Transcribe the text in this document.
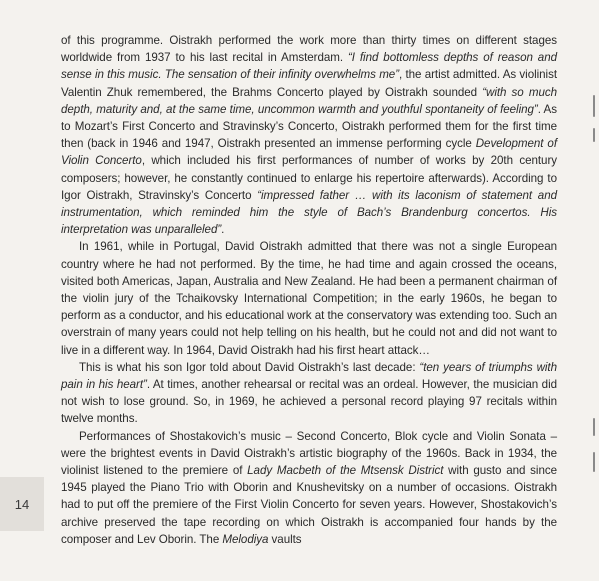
of this programme. Oistrakh performed the work more than thirty times on different stages worldwide from 1937 to his last recital in Amsterdam. “I find bottomless depths of reason and sense in this music. The sensation of their infinity overwhelms me”, the artist admitted. As violinist Valentin Zhuk remembered, the Brahms Concerto played by Oistrakh sounded “with so much depth, maturity and, at the same time, uncommon warmth and youthful spontaneity of feeling”. As to Mozart’s First Concerto and Stravinsky’s Concerto, Oistrakh performed them for the first time then (back in 1946 and 1947, Oistrakh presented an immense performing cycle Development of Violin Concerto, which included his first performances of number of works by 20th century composers; however, he constantly continued to enlarge his repertoire afterwards). According to Igor Oistrakh, Stravinsky’s Concerto “impressed father … with its laconism of statement and instrumentation, which reminded him the style of Bach’s Brandenburg concertos. His interpretation was unparalleled”.

In 1961, while in Portugal, David Oistrakh admitted that there was not a single European country where he had not performed. By the time, he had time and again crossed the oceans, visited both Americas, Japan, Australia and New Zealand. He had been a permanent chairman of the violin jury of the Tchaikovsky International Competition; in the early 1960s, he began to perform as a conductor, and his educational work at the conservatory was extending too. Such an overstrain of many years could not help telling on his health, but he could not and did not want to live in a different way. In 1964, David Oistrakh had his first heart attack…

This is what his son Igor told about David Oistrakh’s last decade: “ten years of triumphs with pain in his heart”. At times, another rehearsal or recital was an ordeal. However, the musician did not wish to lose ground. So, in 1969, he achieved a personal record playing 97 recitals within twelve months.

Performances of Shostakovich’s music – Second Concerto, Blok cycle and Violin Sonata – were the brightest events in David Oistrakh’s artistic biography of the 1960s. Back in 1934, the violinist listened to the premiere of Lady Macbeth of the Mtsensk District with gusto and since 1945 played the Piano Trio with Oborin and Knushevitsky on a number of occasions. Oistrakh had to put off the premiere of the First Violin Concerto for seven years. However, Shostakovich’s archive preserved the tape recording on which Oistrakh is accompanied four hands by the composer and Lev Oborin. The Melodiya vaults

14
